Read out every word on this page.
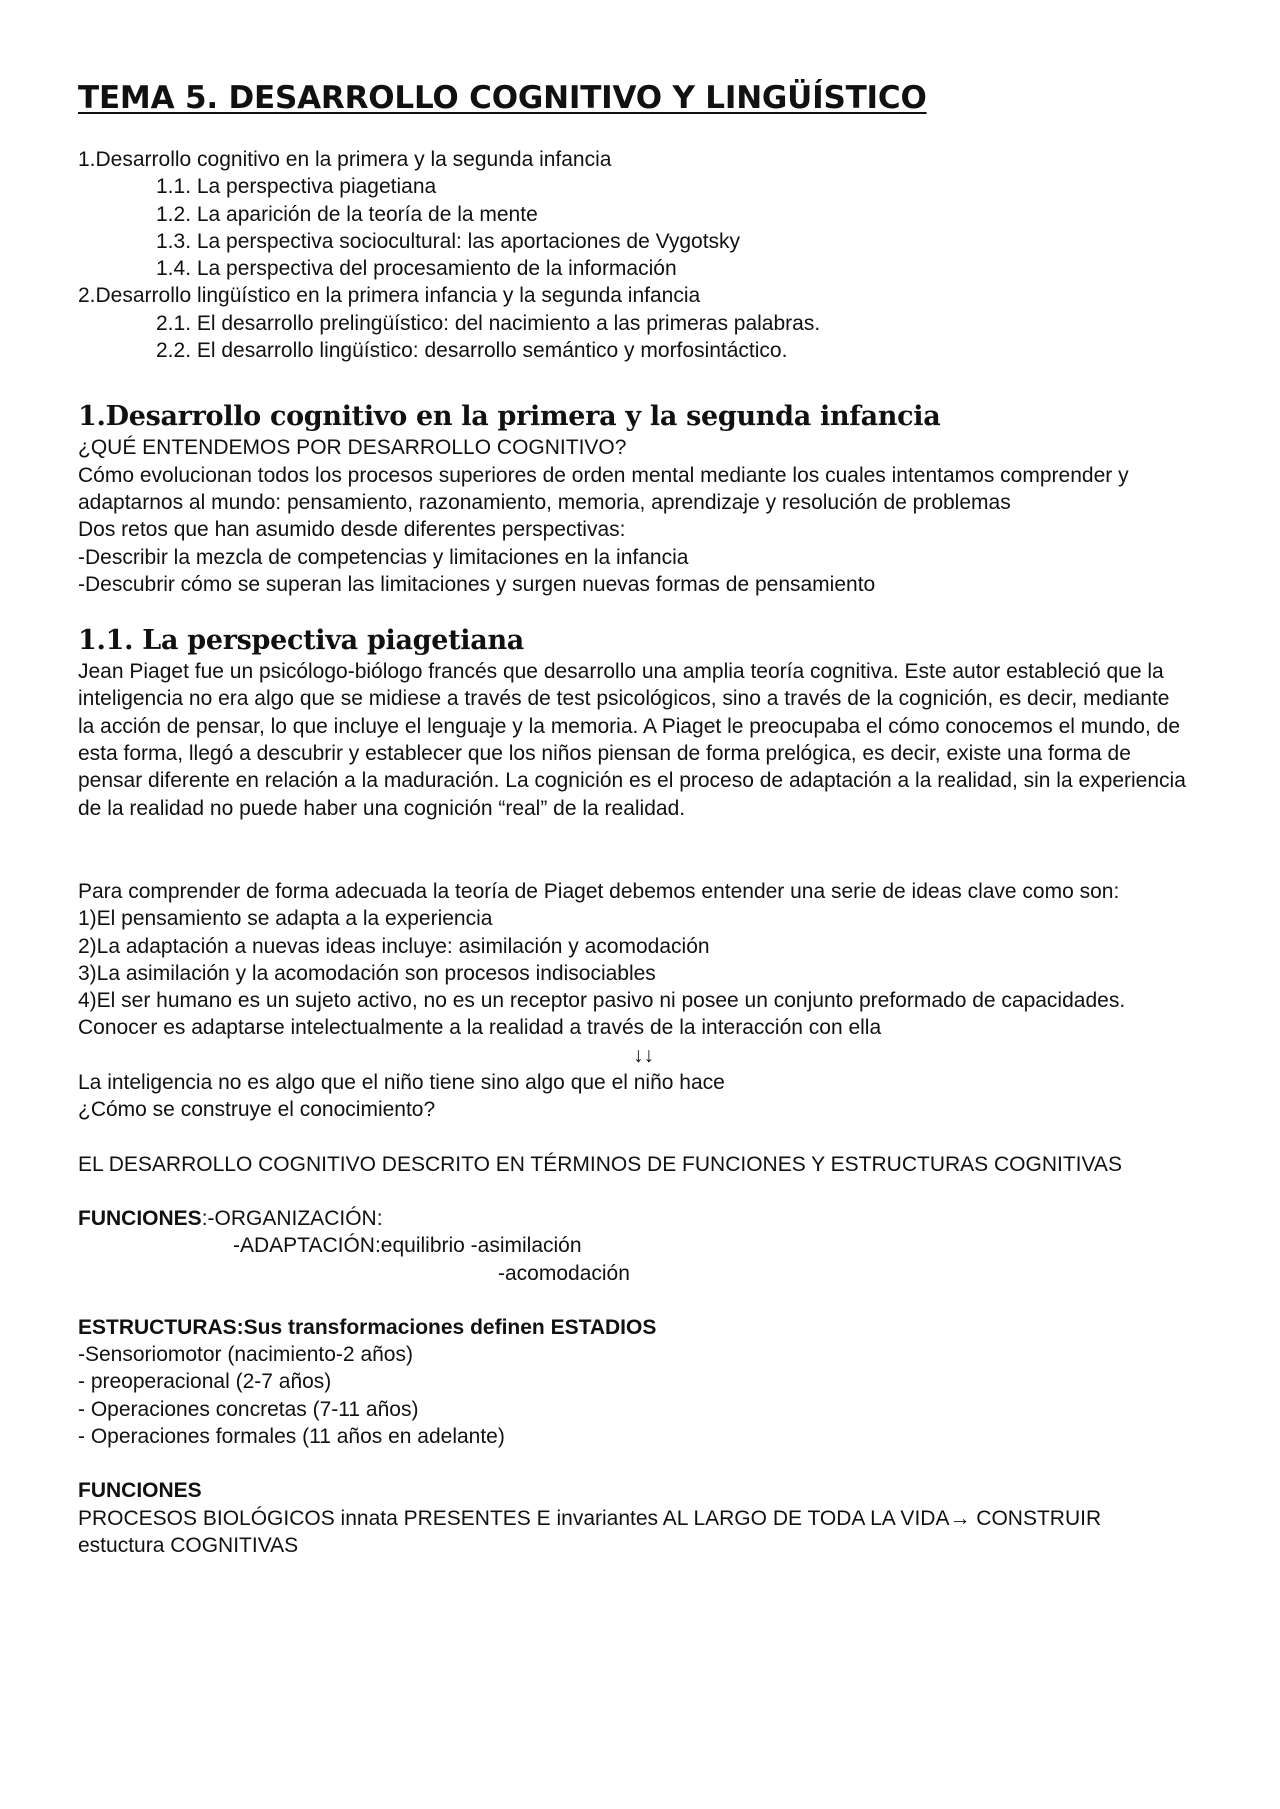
TEMA 5. DESARROLLO COGNITIVO Y LINGÜÍSTICO

1.Desarrollo cognitivo en la primera y la segunda infancia

1.1. La perspectiva piagetiana

1.2. La aparición de la teoría de la mente

1.3. La perspectiva sociocultural: las aportaciones de Vygotsky

1.4. La perspectiva del procesamiento de la información

2.Desarrollo lingüístico en la primera infancia y la segunda infancia

2.1. El desarrollo prelingüístico: del nacimiento a las primeras palabras.

2.2. El desarrollo lingüístico: desarrollo semántico y morfosintáctico.

1.Desarrollo cognitivo en la primera y la segunda infancia

¿QUÉ ENTENDEMOS POR DESARROLLO COGNITIVO?

Cómo evolucionan todos los procesos superiores de orden mental mediante los cuales intentamos comprender y adaptarnos al mundo: pensamiento, razonamiento, memoria, aprendizaje y resolución de problemas

Dos retos que han asumido desde diferentes perspectivas:

-Describir la mezcla de competencias y limitaciones en la infancia

-Descubrir cómo se superan las limitaciones y surgen nuevas formas de pensamiento

1.1. La perspectiva piagetiana

Jean Piaget fue un psicólogo-biólogo francés que desarrollo una amplia teoría cognitiva. Este autor estableció que la inteligencia no era algo que se midiese a través de test psicológicos, sino a través de la cognición, es decir, mediante la acción de pensar, lo que incluye el lenguaje y la memoria. A Piaget le preocupaba el cómo conocemos el mundo, de esta forma, llegó a descubrir y establecer que los niños piensan de forma prelógica, es decir, existe una forma de pensar diferente en relación a la maduración. La cognición es el proceso de adaptación a la realidad, sin la experiencia de la realidad no puede haber una cognición “real” de la realidad.

Para comprender de forma adecuada la teoría de Piaget debemos entender una serie de ideas clave como son:

1)El pensamiento se adapta a la experiencia

2)La adaptación a nuevas ideas incluye: asimilación y acomodación

3)La asimilación y la acomodación son procesos indisociables

4)El ser humano es un sujeto activo, no es un receptor pasivo ni posee un conjunto preformado de capacidades.

Conocer es adaptarse intelectualmente a la realidad a través de la interacción con ella

↓↓

La inteligencia no es algo que el niño tiene sino algo que el niño hace

¿Cómo se construye el conocimiento?

EL DESARROLLO COGNITIVO DESCRITO EN TÉRMINOS DE FUNCIONES Y ESTRUCTURAS COGNITIVAS

FUNCIONES:-ORGANIZACIÓN:

-ADAPTACIÓN:equilibrio -asimilación

-acomodación

ESTRUCTURAS:Sus transformaciones definen ESTADIOS

-Sensoriomotor (nacimiento-2 años)

- preoperacional (2-7 años)

- Operaciones concretas (7-11 años)

- Operaciones formales (11 años en adelante)

FUNCIONES

PROCESOS BIOLÓGICOS innata PRESENTES E invariantes AL LARGO DE TODA LA VIDA→ CONSTRUIR estuctura COGNITIVAS
